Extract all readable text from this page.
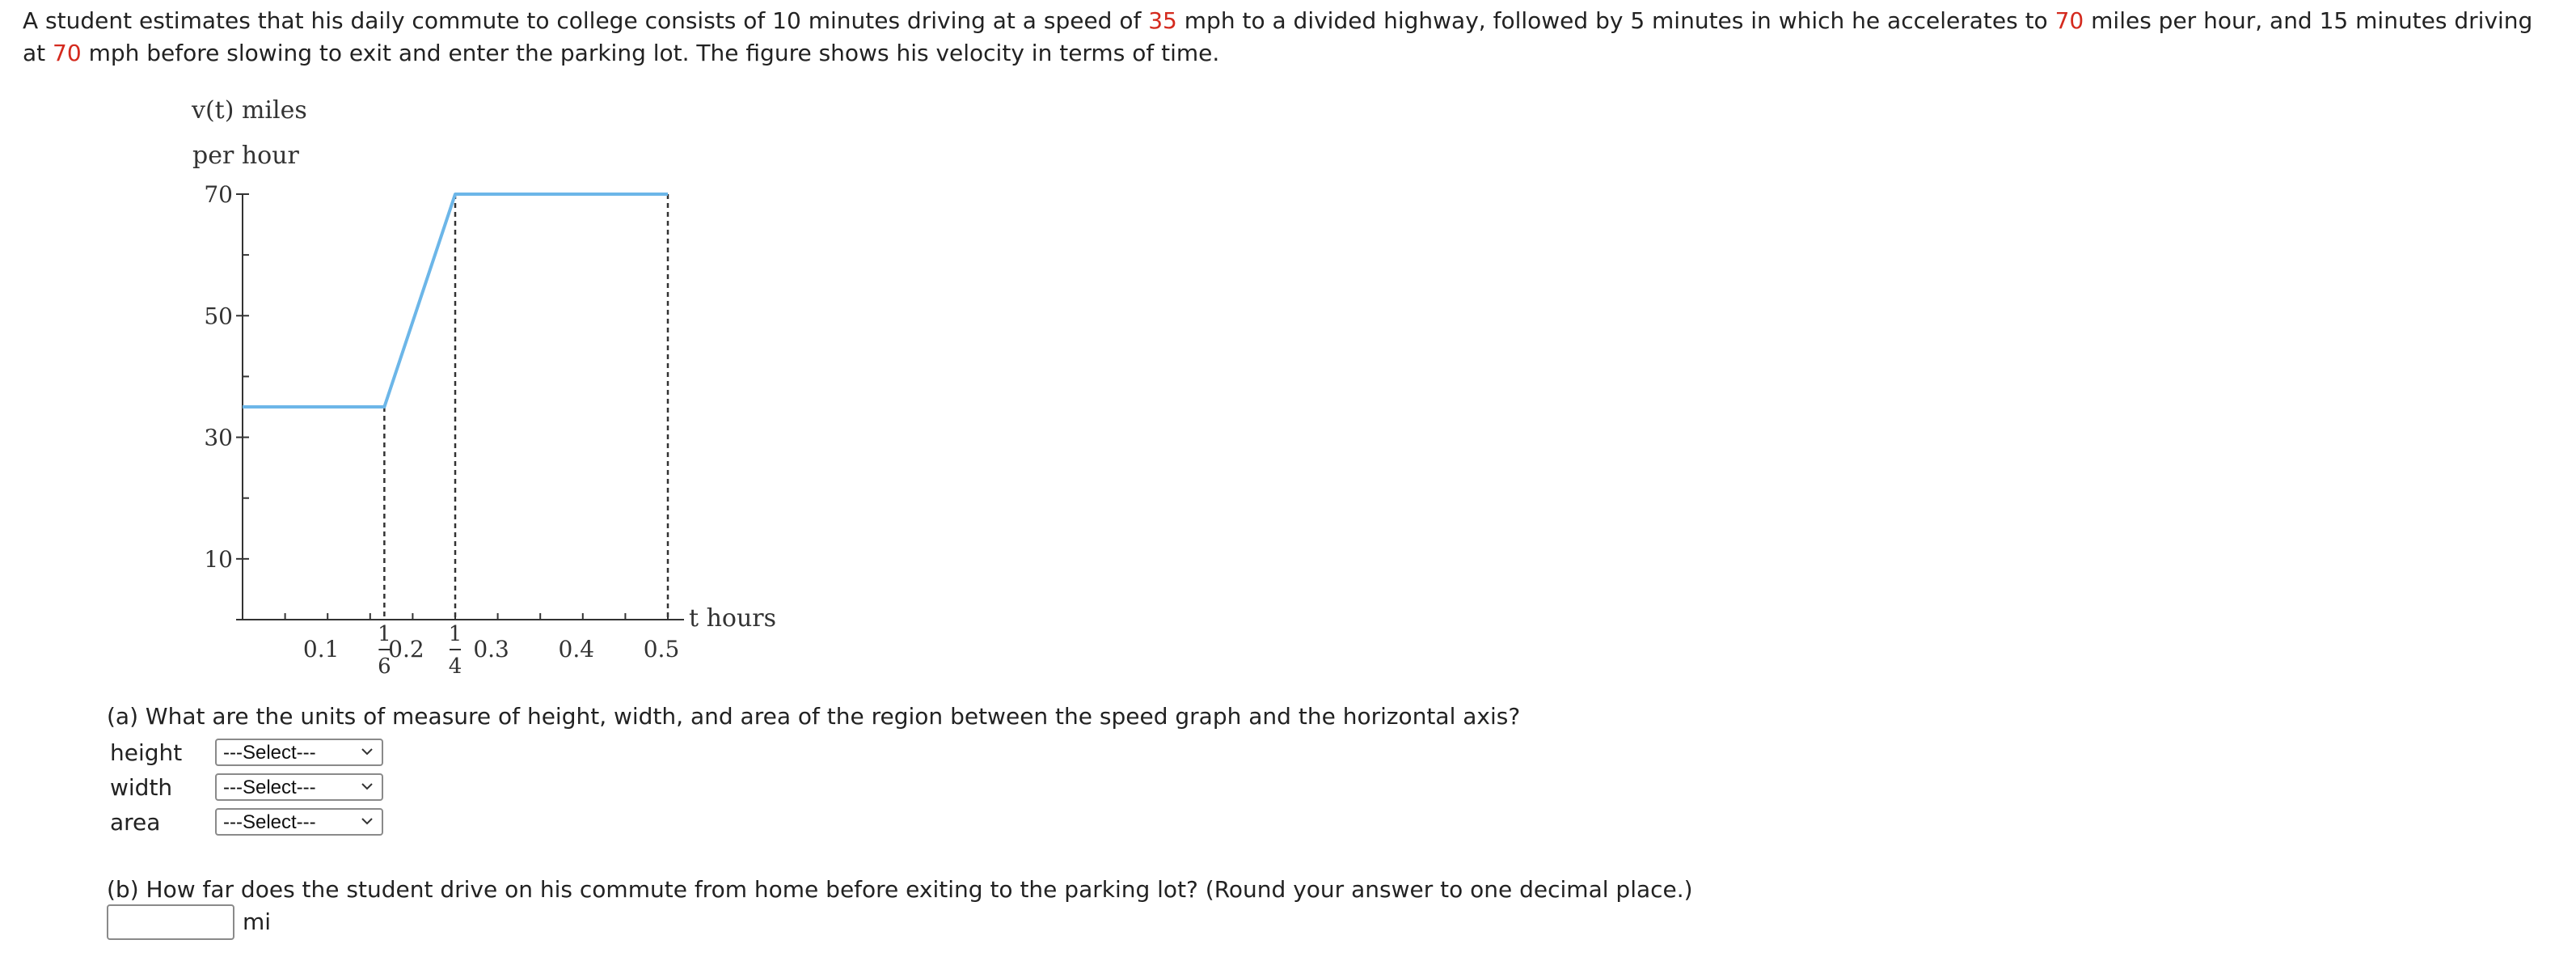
A student estimates that his daily commute to college consists of 10 minutes driving at a speed of 35 mph to a divided highway, followed by 5 minutes in which he accelerates to 70 miles per hour, and 15 minutes driving at 70 mph before slowing to exit and enter the parking lot. The figure shows his velocity in terms of time.
v(t) miles
per hour
70
50
30
10
0.1 0.2 0.3 0.4 0.5
1
6
1
4
t hours
(a) What are the units of measure of height, width, and area of the region between the speed graph and the horizontal axis?
height ---Select---
width	---Select---
area	---Select---
(b) How far does the student drive on his commute from home before exiting to the parking lot? (Round your answer to one decimal place.)
mi
